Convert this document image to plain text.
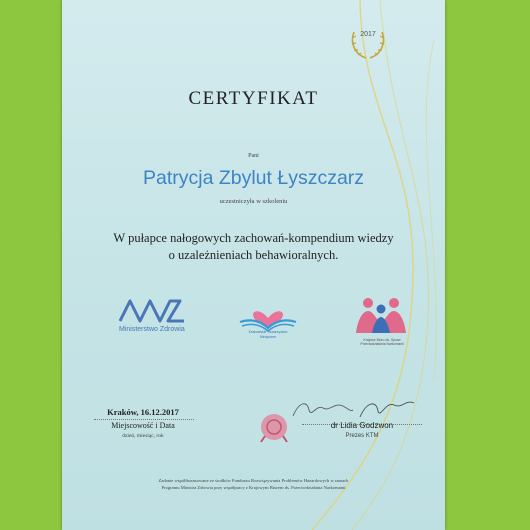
2017
CERTYFIKAT
Pani
Patrycja Zbylut Łyszczarz
uczestniczyła w szkoleniu
W pułapce nałogowych zachowań-kompendium wiedzy
o uzależnieniach behawioralnych.
Ministerstwo Zdrowia	Krakowskie Towarzystwo
Medyczne
Krajowe Biuro ds. Spraw
Przeciwdziałania Narkomanii
Kraków, 16.12.2017
Miejscowość i Data
dzień, miesiąc, rok
dr Lidia Godzwon
Prezes KTM
Zadanie współfinansowane ze środków Funduszu Rozwiązywania Problemów Hazardowych w ramach
Programu Ministra Zdrowia przy współpracy z Krajowym Biurem ds. Przeciwdziałania Narkomanii
